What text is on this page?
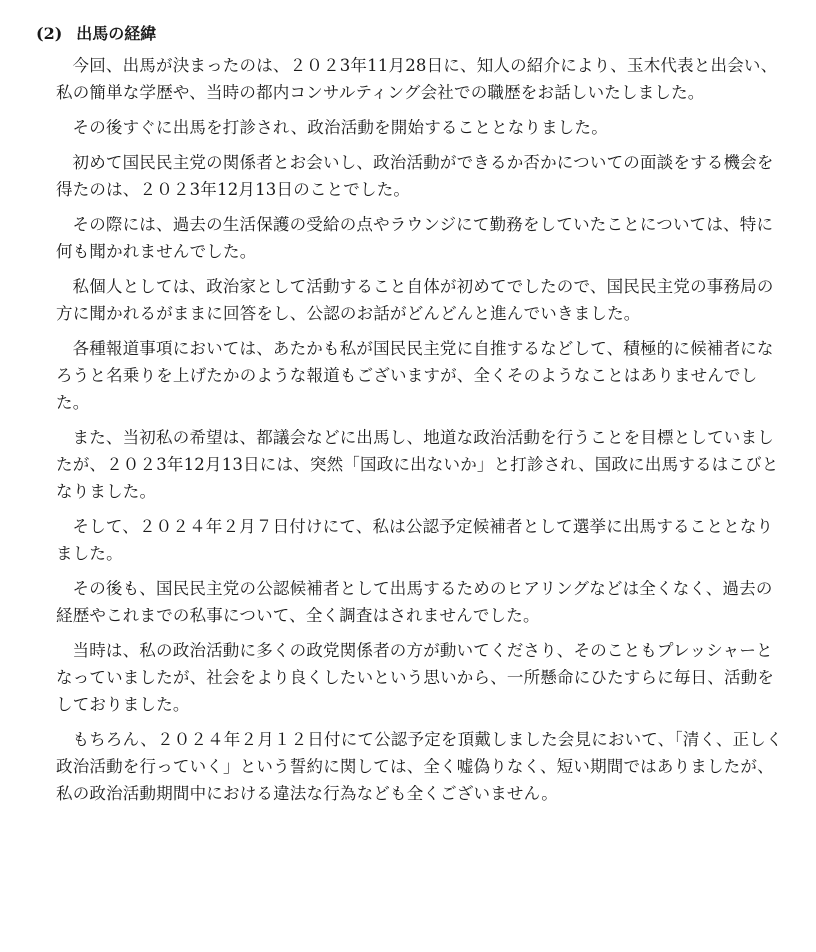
(2) 出馬の経緯

今回、出馬が決まったのは、２０２3年11月28日に、知人の紹介により、玉木代表と出会い、私の簡単な学歴や、当時の都内コンサルティング会社での職歴をお話しいたしました。

その後すぐに出馬を打診され、政治活動を開始することとなりました。

初めて国民民主党の関係者とお会いし、政治活動ができるか否かについての面談をする機会を得たのは、２０２3年12月13日のことでした。

その際には、過去の生活保護の受給の点やラウンジにて勤務をしていたことについては、特に何も聞かれませんでした。

私個人としては、政治家として活動すること自体が初めてでしたので、国民民主党の事務局の方に聞かれるがままに回答をし、公認のお話がどんどんと進んでいきました。

各種報道事項においては、あたかも私が国民民主党に自推するなどして、積極的に候補者になろうと名乗りを上げたかのような報道もございますが、全くそのようなことはありませんでした。

また、当初私の希望は、都議会などに出馬し、地道な政治活動を行うことを目標としていましたが、２０２3年12月13日には、突然「国政に出ないか」と打診され、国政に出馬するはこびとなりました。

そして、２０２４年２月７日付けにて、私は公認予定候補者として選挙に出馬することとなりました。

その後も、国民民主党の公認候補者として出馬するためのヒアリングなどは全くなく、過去の経歴やこれまでの私事について、全く調査はされませんでした。

当時は、私の政治活動に多くの政党関係者の方が動いてくださり、そのこともプレッシャーとなっていましたが、社会をより良くしたいという思いから、一所懸命にひたすらに毎日、活動をしておりました。

もちろん、２０２４年２月１２日付にて公認予定を頂戴しました会見において、「清く、正しく政治活動を行っていく」という誓約に関しては、全く嘘偽りなく、短い期間ではありましたが、私の政治活動期間中における違法な行為なども全くございません。
